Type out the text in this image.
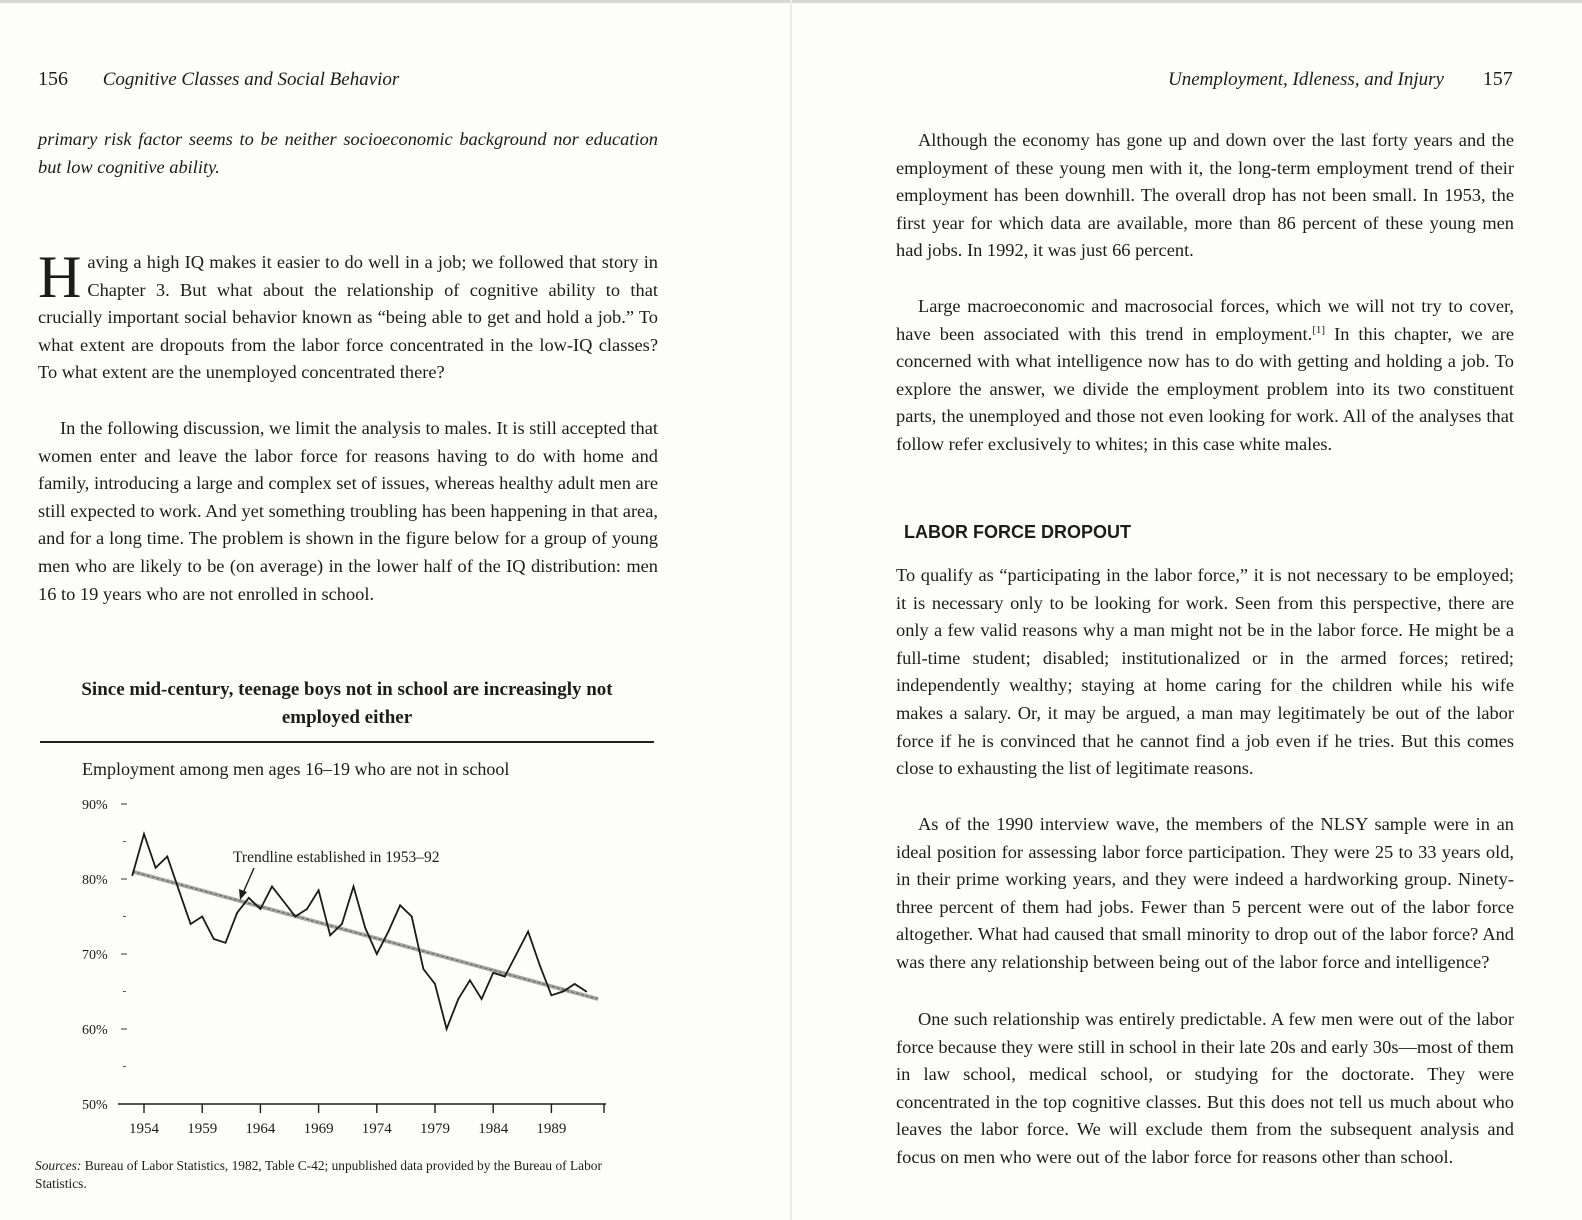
156 Cognitive Classes and Social Behavior

primary risk factor seems to be neither socioeconomic background nor education but low cognitive ability.

Having a high IQ makes it easier to do well in a job; we followed that story in Chapter 3. But what about the relationship of cognitive ability to that crucially important social behavior known as “being able to get and hold a job.” To what extent are dropouts from the labor force concentrated in the low-IQ classes? To what extent are the unemployed concentrated there?

In the following discussion, we limit the analysis to males. It is still accepted that women enter and leave the labor force for reasons having to do with home and family, introducing a large and complex set of issues, whereas healthy adult men are still expected to work. And yet something troubling has been happening in that area, and for a long time. The problem is shown in the figure below for a group of young men who are likely to be (on average) in the lower half of the IQ distribution: men 16 to 19 years who are not enrolled in school.

Since mid-century, teenage boys not in school are increasingly not employed either

Employment among men ages 16–19 who are not in school

50%
60%
70%
80%
90%
1954 1959 1964 1969 1974 1979 1984 1989
Trendline established in 1953–92

Sources: Bureau of Labor Statistics, 1982, Table C-42; unpublished data provided by the Bureau of Labor Statistics.

Unemployment, Idleness, and Injury 157

Although the economy has gone up and down over the last forty years and the employment of these young men with it, the long-term employment trend of their employment has been downhill. The overall drop has not been small. In 1953, the first year for which data are available, more than 86 percent of these young men had jobs. In 1992, it was just 66 percent.

Large macroeconomic and macrosocial forces, which we will not try to cover, have been associated with this trend in employment.[1] In this chapter, we are concerned with what intelligence now has to do with getting and holding a job. To explore the answer, we divide the employment problem into its two constituent parts, the unemployed and those not even looking for work. All of the analyses that follow refer exclusively to whites; in this case white males.

LABOR FORCE DROPOUT

To qualify as “participating in the labor force,” it is not necessary to be employed; it is necessary only to be looking for work. Seen from this perspective, there are only a few valid reasons why a man might not be in the labor force. He might be a full-time student; disabled; institutionalized or in the armed forces; retired; independently wealthy; staying at home caring for the children while his wife makes a salary. Or, it may be argued, a man may legitimately be out of the labor force if he is convinced that he cannot find a job even if he tries. But this comes close to exhausting the list of legitimate reasons.

As of the 1990 interview wave, the members of the NLSY sample were in an ideal position for assessing labor force participation. They were 25 to 33 years old, in their prime working years, and they were indeed a hardworking group. Ninety-three percent of them had jobs. Fewer than 5 percent were out of the labor force altogether. What had caused that small minority to drop out of the labor force? And was there any relationship between being out of the labor force and intelligence?

One such relationship was entirely predictable. A few men were out of the labor force because they were still in school in their late 20s and early 30s—most of them in law school, medical school, or studying for the doctorate. They were concentrated in the top cognitive classes. But this does not tell us much about who leaves the labor force. We will exclude them from the subsequent analysis and focus on men who were out of the labor force for reasons other than school.
